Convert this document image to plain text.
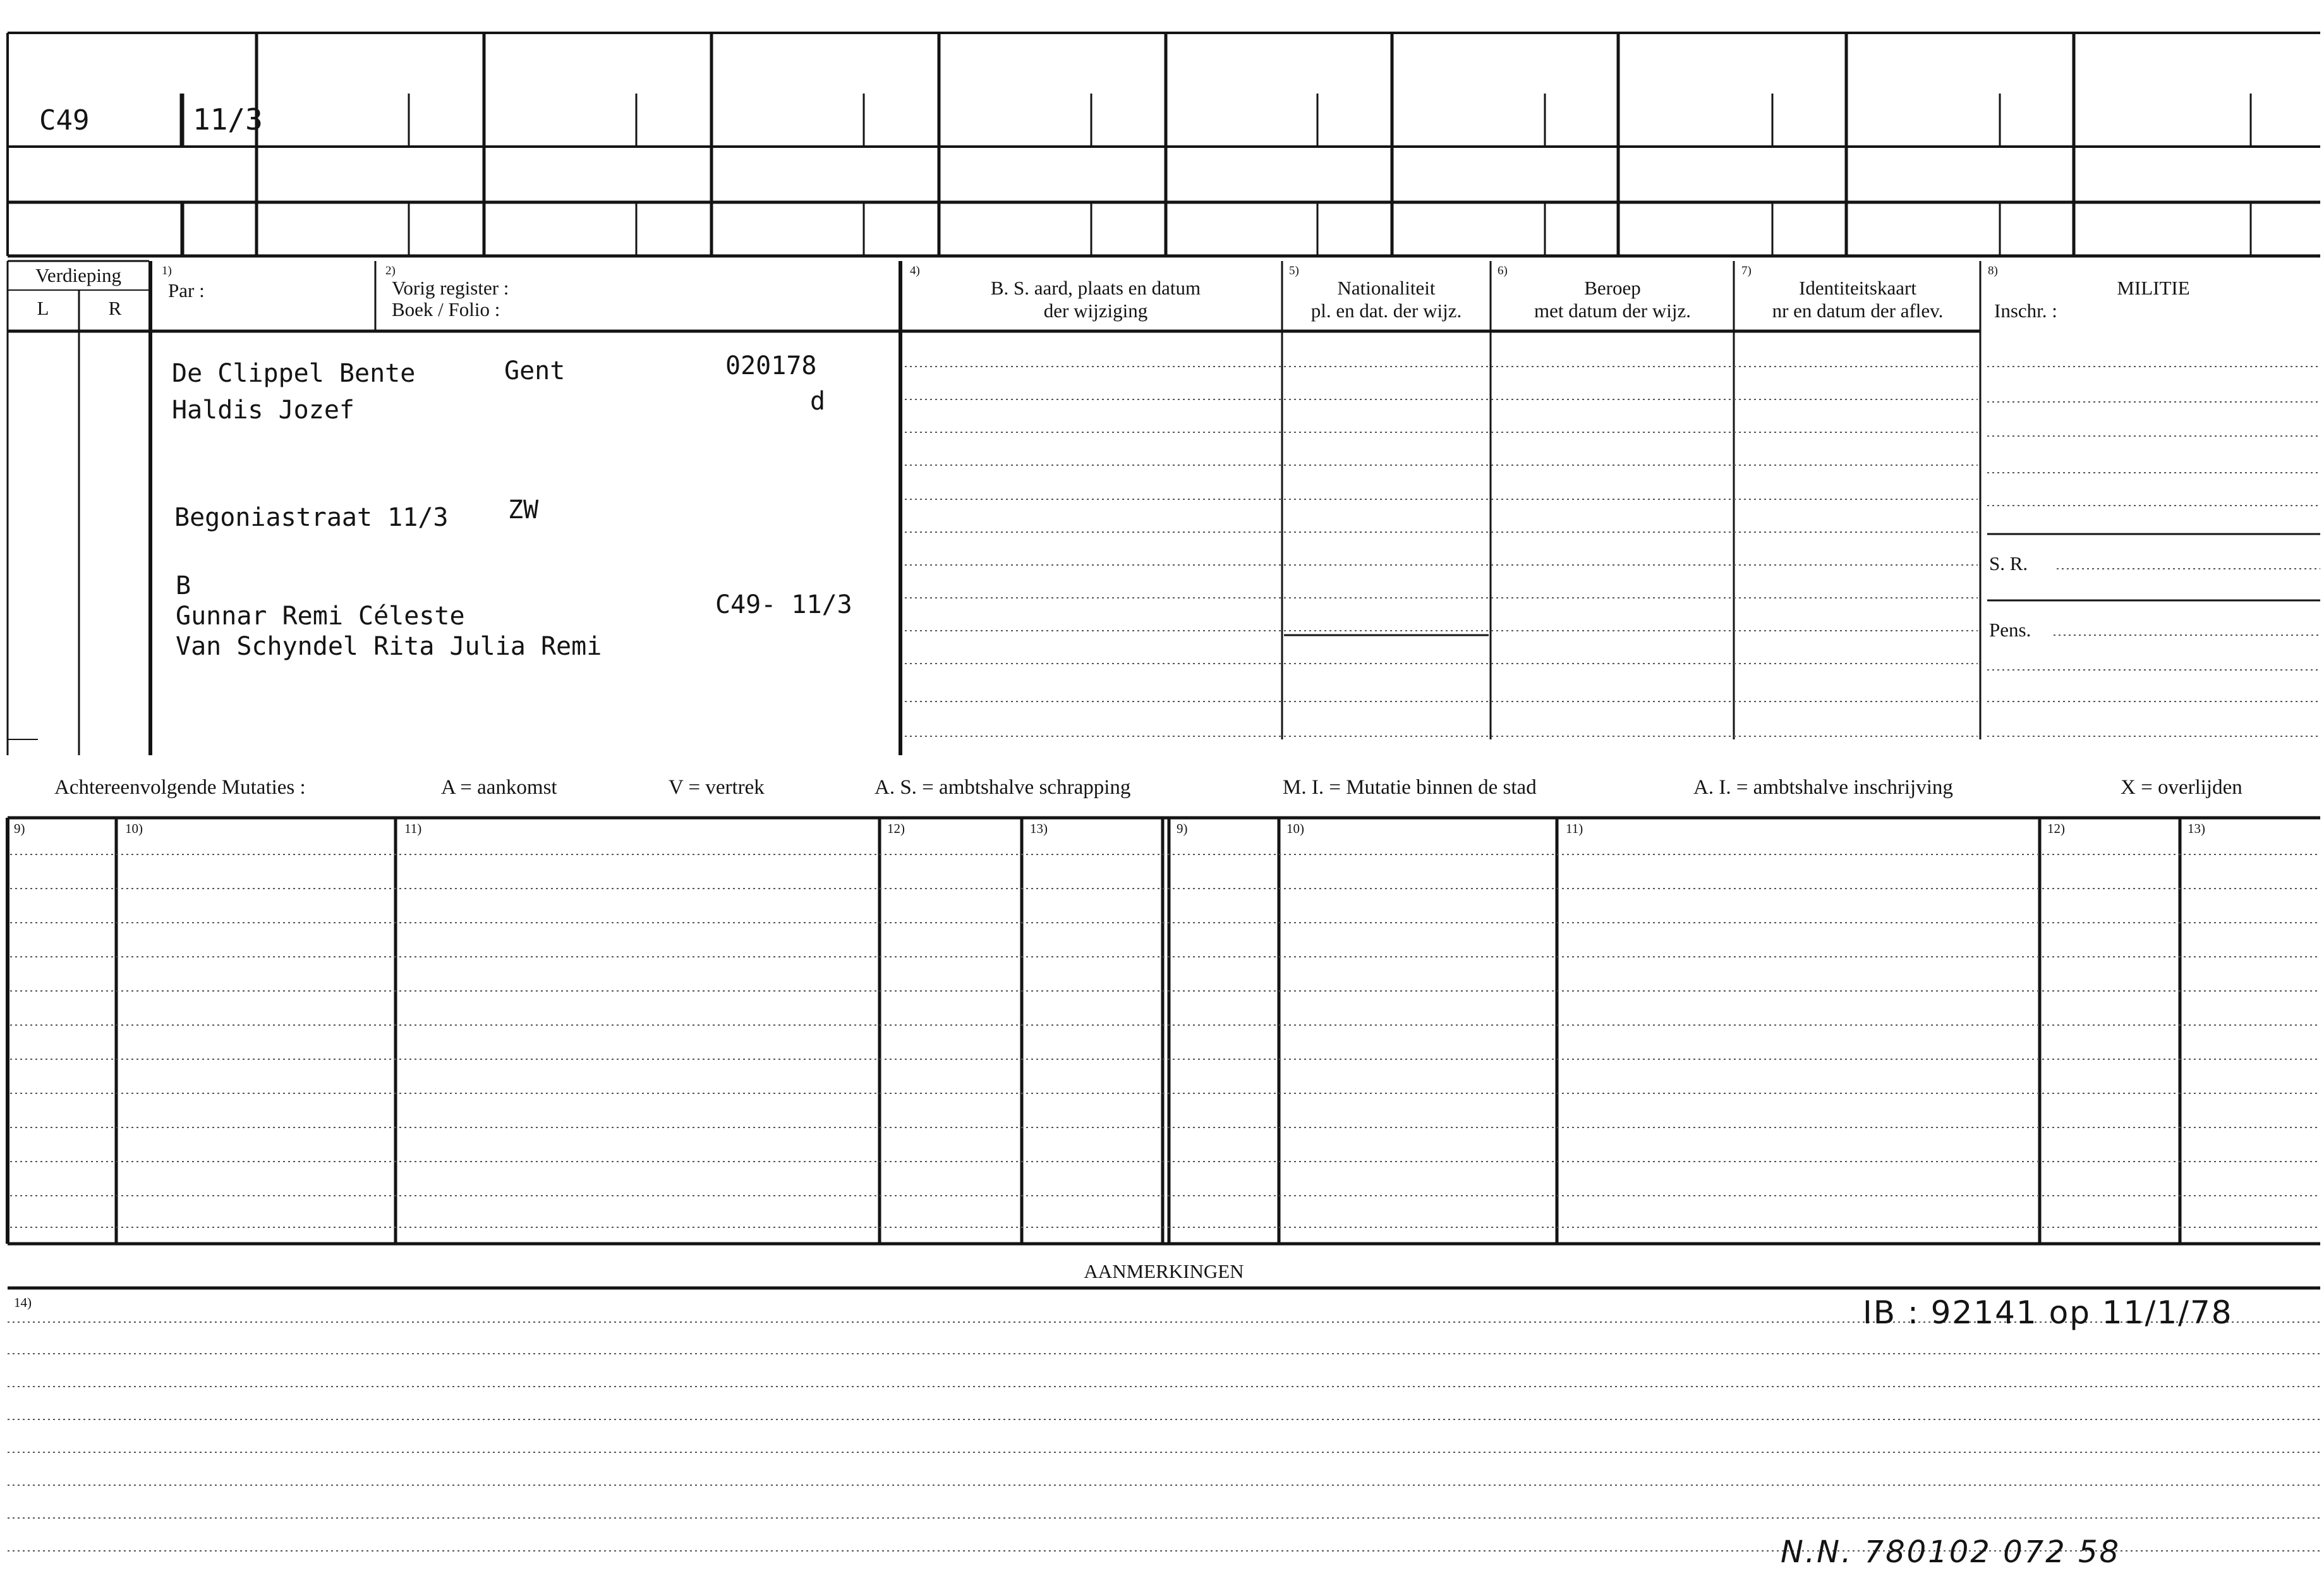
C49	11/3
Verdieping
L	R
1)
Par :
2)
Vorig register :
Boek / Folio :
4)
B. S. aard, plaats en datum
der wijziging
5)
Nationaliteit
pl. en dat. der wijz.
6)
Beroep
met datum der wijz.
7)
Identiteitskaart
nr en datum der aflev.
8)
MILITIE
Inschr. :
S. R.
Pens.
De Clippel Bente	Gent	020178
Haldis Jozef	d
Begoniastraat 11/3 ZW
B
Gunnar Remi Céleste	C49- 11/3
Van Schyndel Rita Julia Remi
Achtereenvolgende Mutaties :	A = aankomst	V = vertrek	A. S. = ambtshalve schrapping	M. I. = Mutatie binnen de stad	A. I. = ambtshalve inschrijving	X = overlijden
9)	10)	11)	12)	13)	9)	10)	11)	12)	13)
AANMERKINGEN
14)	IB : 92141 op 11/1/78
N.N. 780102 072 58
